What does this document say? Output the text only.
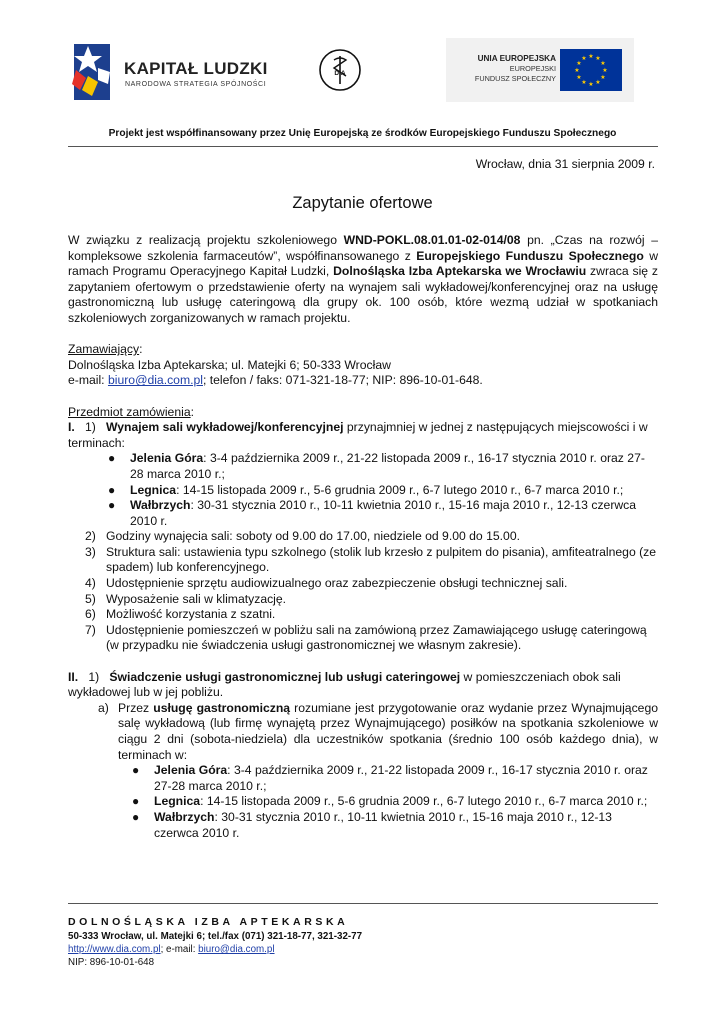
KAPITAŁ LUDZKI
NARODOWA STRATEGIA SPÓJNOŚCI
DIA
UNIA EUROPEJSKA
EUROPEJSKI
FUNDUSZ SPOŁECZNY
★ ★
★
★
★
★
★
★
★
★
★
★
Projekt jest współfinansowany przez Unię Europejską ze środków Europejskiego Funduszu Społecznego
Wrocław, dnia 31 sierpnia 2009 r.
Zapytanie ofertowe

W związku z realizacją projektu szkoleniowego WND-POKL.08.01.01-02-014/08 pn. „Czas na rozwój – kompleksowe szkolenia farmaceutów”, współfinansowanego z Europejskiego Funduszu Społecznego w ramach Programu Operacyjnego Kapitał Ludzki, Dolnośląska Izba Aptekarska we Wrocławiu zwraca się z zapytaniem ofertowym o przedstawienie oferty na wynajem sali wykładowej/konferencyjnej oraz na usługę gastronomiczną lub usługę cateringową dla grupy ok. 100 osób, które wezmą udział w spotkaniach szkoleniowych zorganizowanych w ramach projektu.

Zamawiający:

Dolnośląska Izba Aptekarska; ul. Matejki 6; 50-333 Wrocław

e-mail: biuro@dia.com.pl; telefon / faks: 071-321-18-77; NIP: 896-10-01-648.

Przedmiot zamówienia:

I. 1) Wynajem sali wykładowej/konferencyjnej przynajmniej w jednej z następujących miejscowości i w terminach:

● Jelenia Góra: 3-4 października 2009 r., 21-22 listopada 2009 r., 16-17 stycznia 2010 r. oraz 27-28 marca 2010 r.;
● Legnica: 14-15 listopada 2009 r., 5-6 grudnia 2009 r., 6-7 lutego 2010 r., 6-7 marca 2010 r.;
● Wałbrzych: 30-31 stycznia 2010 r., 10-11 kwietnia 2010 r., 15-16 maja 2010 r., 12-13 czerwca 2010 r.
2) Godziny wynajęcia sali: soboty od 9.00 do 17.00, niedziele od 9.00 do 15.00.
3) Struktura sali: ustawienia typu szkolnego (stolik lub krzesło z pulpitem do pisania), amfiteatralnego (ze spadem) lub konferencyjnego.
4) Udostępnienie sprzętu audiowizualnego oraz zabezpieczenie obsługi technicznej sali.
5) Wyposażenie sali w klimatyzację.
6) Możliwość korzystania z szatni.
7) Udostępnienie pomieszczeń w pobliżu sali na zamówioną przez Zamawiającego usługę cateringową (w przypadku nie świadczenia usługi gastronomicznej we własnym zakresie).

II. 1) Świadczenie usługi gastronomicznej lub usługi cateringowej w pomieszczeniach obok sali wykładowej lub w jej pobliżu.

a) Przez usługę gastronomiczną rozumiane jest przygotowanie oraz wydanie przez Wynajmującego salę wykładową (lub firmę wynajętą przez Wynajmującego) posiłków na spotkania szkoleniowe w ciągu 2 dni (sobota-niedziela) dla uczestników spotkania (średnio 100 osób każdego dnia), w terminach w:
● Jelenia Góra: 3-4 października 2009 r., 21-22 listopada 2009 r., 16-17 stycznia 2010 r. oraz 27-28 marca 2010 r.;
● Legnica: 14-15 listopada 2009 r., 5-6 grudnia 2009 r., 6-7 lutego 2010 r., 6-7 marca 2010 r.;
● Wałbrzych: 30-31 stycznia 2010 r., 10-11 kwietnia 2010 r., 15-16 maja 2010 r., 12-13 czerwca 2010 r.
DOLNOŚLĄSKA IZBA APTEKARSKA
50-333 Wrocław, ul. Matejki 6; tel./fax (071) 321-18-77, 321-32-77
http://www.dia.com.pl; e-mail: biuro@dia.com.pl
NIP: 896-10-01-648
